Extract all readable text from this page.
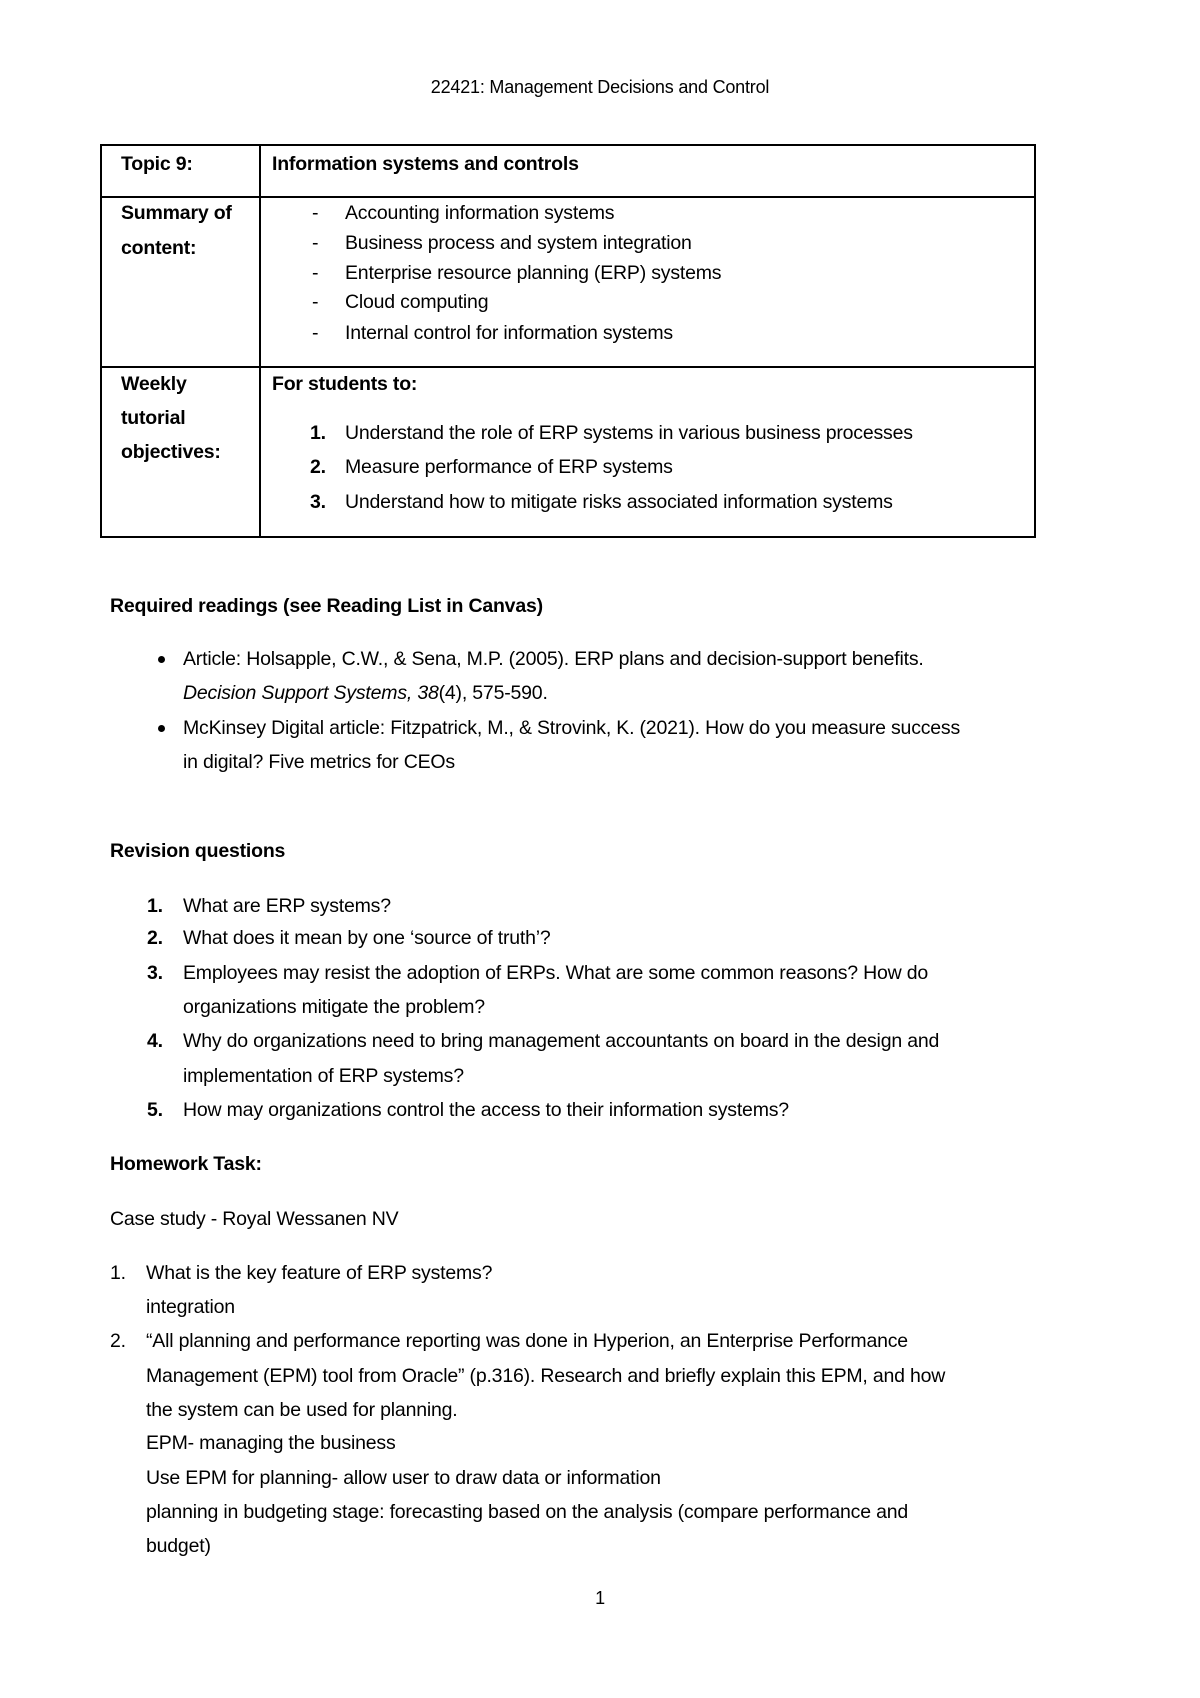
22421: Management Decisions and Control
Topic 9:	Information systems and controls
Summary of
content:
- Accounting information systems
- Business process and system integration
- Enterprise resource planning (ERP) systems
- Cloud computing
- Internal control for information systems
Weekly
tutorial
objectives:
For students to:
1. Understand the role of ERP systems in various business processes
2. Measure performance of ERP systems
3. Understand how to mitigate risks associated information systems
Required readings (see Reading List in Canvas)
Article: Holsapple, C.W., & Sena, M.P. (2005). ERP plans and decision-support benefits.
Decision Support Systems, 38(4), 575-590.
McKinsey Digital article: Fitzpatrick, M., & Strovink, K. (2021). How do you measure success
in digital? Five metrics for CEOs
Revision questions
1. What are ERP systems?
2. What does it mean by one ‘source of truth’?
3. Employees may resist the adoption of ERPs. What are some common reasons? How do
organizations mitigate the problem?
4. Why do organizations need to bring management accountants on board in the design and
implementation of ERP systems?
5. How may organizations control the access to their information systems?
Homework Task:
Case study - Royal Wessanen NV
1. What is the key feature of ERP systems?
integration
2. “All planning and performance reporting was done in Hyperion, an Enterprise Performance
Management (EPM) tool from Oracle” (p.316). Research and briefly explain this EPM, and how
the system can be used for planning.
EPM- managing the business
Use EPM for planning- allow user to draw data or information
planning in budgeting stage: forecasting based on the analysis (compare performance and
budget)
1
